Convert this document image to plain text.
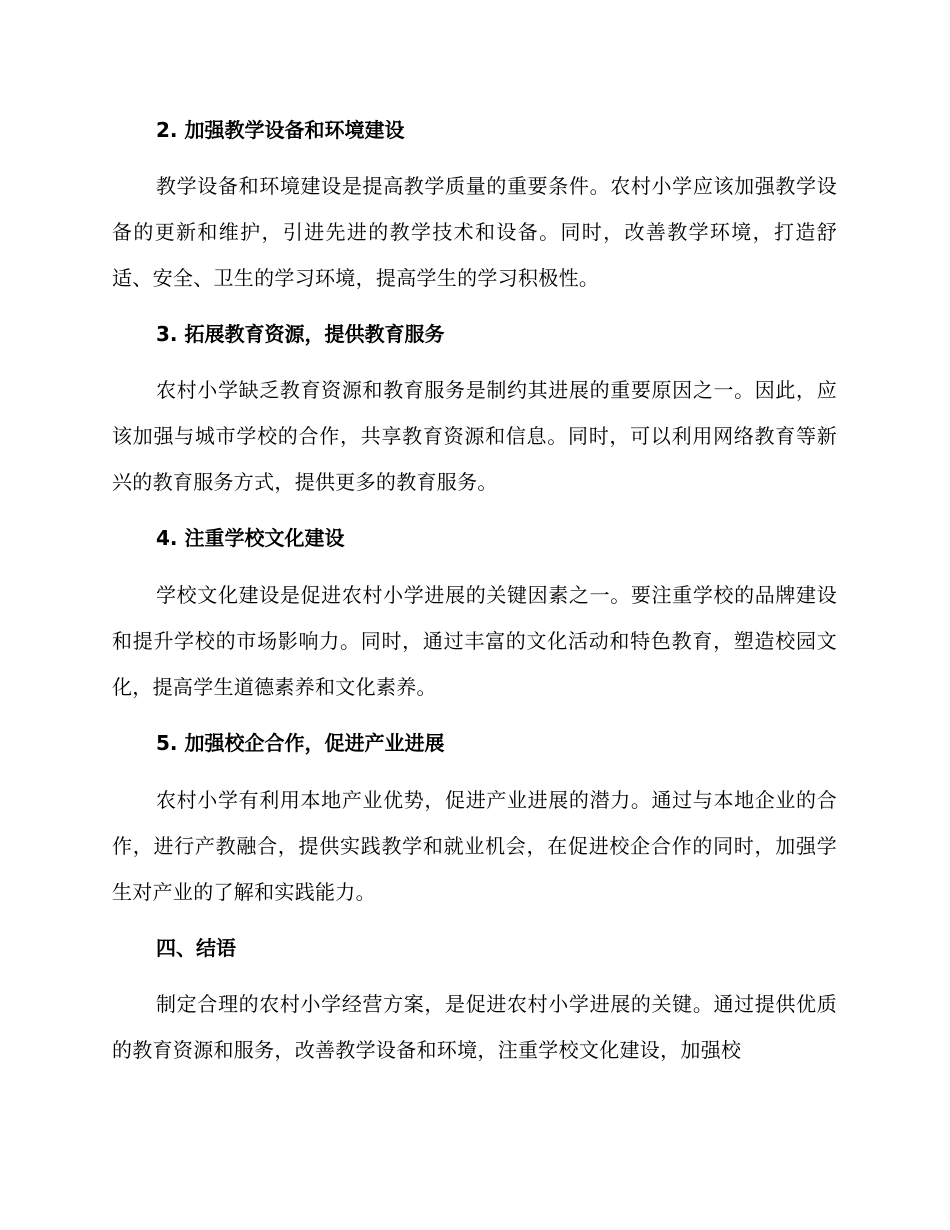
2. 加强教学设备和环境建设
教学设备和环境建设是提高教学质量的重要条件。农村小学应该加强教学设备的更新和维护，引进先进的教学技术和设备。同时，改善教学环境，打造舒适、安全、卫生的学习环境，提高学生的学习积极性。
3. 拓展教育资源，提供教育服务
农村小学缺乏教育资源和教育服务是制约其进展的重要原因之一。因此，应该加强与城市学校的合作，共享教育资源和信息。同时，可以利用网络教育等新兴的教育服务方式，提供更多的教育服务。
4. 注重学校文化建设
学校文化建设是促进农村小学进展的关键因素之一。要注重学校的品牌建设和提升学校的市场影响力。同时，通过丰富的文化活动和特色教育，塑造校园文化，提高学生道德素养和文化素养。
5. 加强校企合作，促进产业进展
农村小学有利用本地产业优势，促进产业进展的潜力。通过与本地企业的合作，进行产教融合，提供实践教学和就业机会，在促进校企合作的同时，加强学生对产业的了解和实践能力。
四、结语
制定合理的农村小学经营方案，是促进农村小学进展的关键。通过提供优质的教育资源和服务，改善教学设备和环境，注重学校文化建设，加强校
